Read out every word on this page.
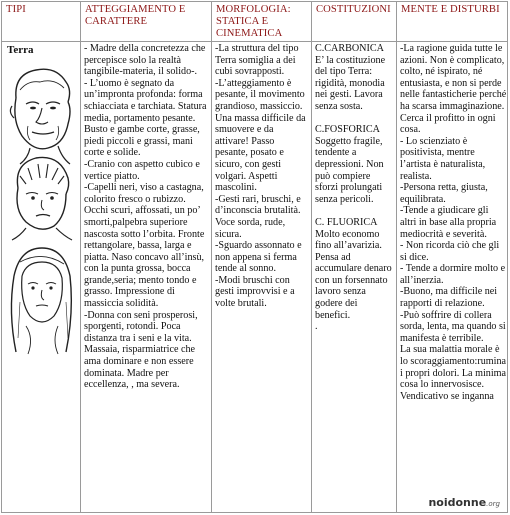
TIPI	ATTEGGIAMENTO E CARATTERE
MORFOLOGIA: STATICA E CINEMATICA
COSTITUZIONI MENTE E DISTURBI
Terra	- Madre della concretezza che percepisce solo la realtà tangibile-materia, il solido-.
- L’uomo è segnato da un’impronta profonda: forma schiacciata e tarchiata. Statura media, portamento pesante. Busto e gambe corte, grasse, piedi piccoli e grassi, mani corte e solide.
-Cranio con aspetto cubico e vertice piatto.
-Capelli neri, viso a castagna, colorito fresco o rubizzo. Occhi scuri, affossati, un po’ smorti,palpebra superiore nascosta sotto l’orbita. Fronte rettangolare, bassa, larga e piatta. Naso concavo all’insù, con la punta grossa, bocca grande,seria; mento tondo e grasso. Impressione di massiccia solidità.
-Donna con seni prosperosi, sporgenti, rotondi. Poca distanza tra i seni e la vita. Massaia, risparmiatrice che ama dominare e non essere dominata. Madre per eccellenza, , ma severa.
-La struttura del tipo Terra somiglia a dei cubi sovrapposti.
-L’atteggiamento è pesante, il movimento grandioso, massiccio. Una massa difficile da smuovere e da attivare! Passo pesante, posato e sicuro, con gesti volgari. Aspetti mascolini.
-Gesti rari, bruschi, e d’inconscia brutalità. Voce sorda, rude, sicura.
-Sguardo assonnato e non appena si ferma tende al sonno.
-Modi bruschi con gesti improvvisi e a volte brutali.
C.CARBONICA E’ la costituzione del tipo Terra: rigidità, monodia nei gesti. Lavora senza sosta.

C.FOSFORICA Soggetto fragile, tendente a depressioni. Non può compiere sforzi prolungati senza pericoli.

C. FLUORICA Molto economo fino all’avarizia. Pensa ad accumulare denaro con un forsennato lavoro senza godere dei benefici.
.
-La ragione guida tutte le azioni. Non è complicato, colto, né ispirato, né entusiasta, e non si perde nelle fantasticherie perché ha scarsa immaginazione. Cerca il profitto in ogni cosa.
- Lo scienziato è positivista, mentre l’artista è naturalista, realista.
-Persona retta, giusta, equilibrata.
-Tende a giudicare gli altri in base alla propria mediocrità e severità.
- Non ricorda ciò che gli si dice.
- Tende a dormire molto e all’inerzia.
-Buono, ma difficile nei rapporti di relazione.
-Può soffrire di collera sorda, lenta, ma quando si manifesta è terribile.
La sua malattia morale è lo scoraggiamento:rumina i propri dolori. La minima cosa lo innervosisce. Vendicativo se inganna
noidonne.org
